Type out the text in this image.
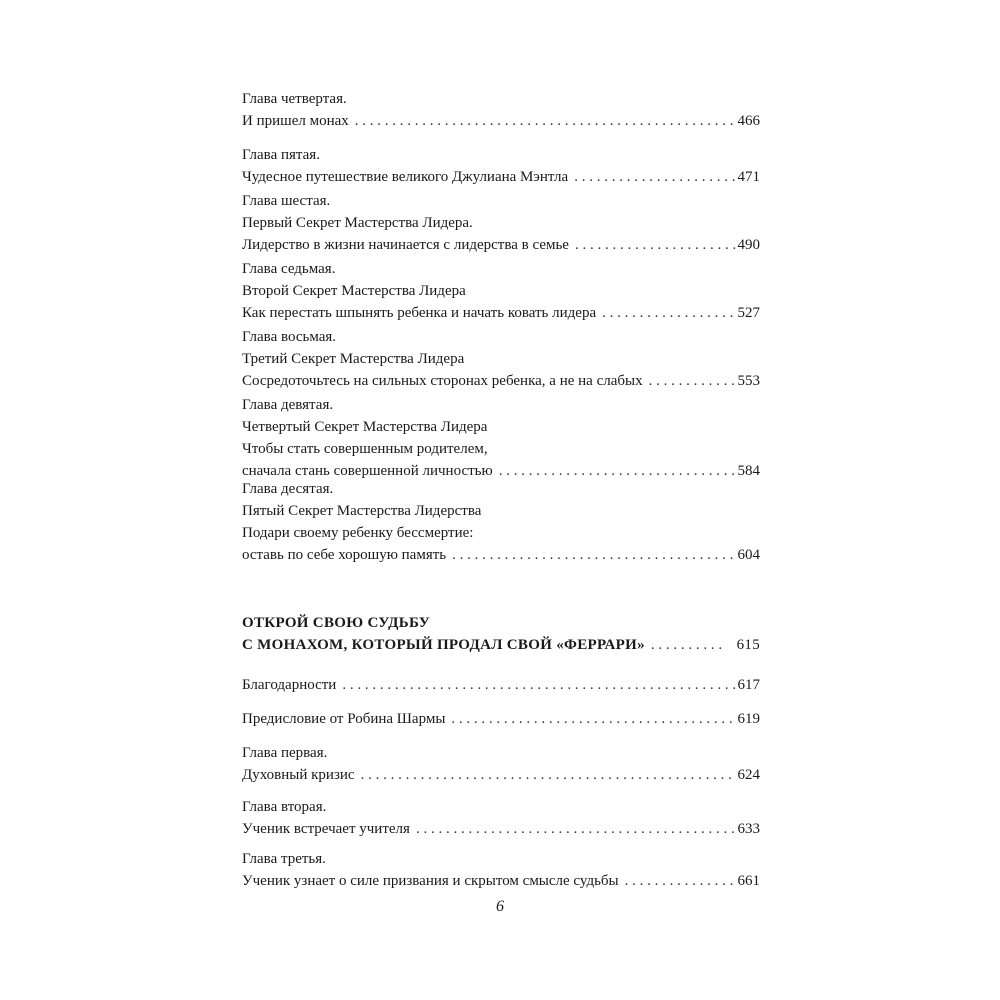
Глава четвертая.
И пришел монах . . .	466
Глава пятая.
Чудесное путешествие великого Джулиана Мэнтла . . .	471
Глава шестая.
Первый Секрет Мастерства Лидера.
Лидерство в жизни начинается с лидерства в семье . . .	490
Глава седьмая.
Второй Секрет Мастерства Лидера
Как перестать шпынять ребенка и начать ковать лидера . . .	527
Глава восьмая.
Третий Секрет Мастерства Лидера
Сосредоточьтесь на сильных сторонах ребенка, а не на слабых . . .	553
Глава девятая.
Четвертый Секрет Мастерства Лидера
Чтобы стать совершенным родителем,
сначала стань совершенной личностью . . .	584
Глава десятая.
Пятый Секрет Мастерства Лидерства
Подари своему ребенку бессмертие:
оставь по себе хорошую память . . .	604
ОТКРОЙ СВОЮ СУДЬБУ
С МОНАХОМ, КОТОРЫЙ ПРОДАЛ СВОЙ «ФЕРРАРИ» . . .	615
Благодарности . . .	617
Предисловие от Робина Шармы . . .	619
Глава первая.
Духовный кризис . . .	624
Глава вторая.
Ученик встречает учителя . . .	633
Глава третья.
Ученик узнает о силе призвания и скрытом смысле судьбы . . .	661
6
